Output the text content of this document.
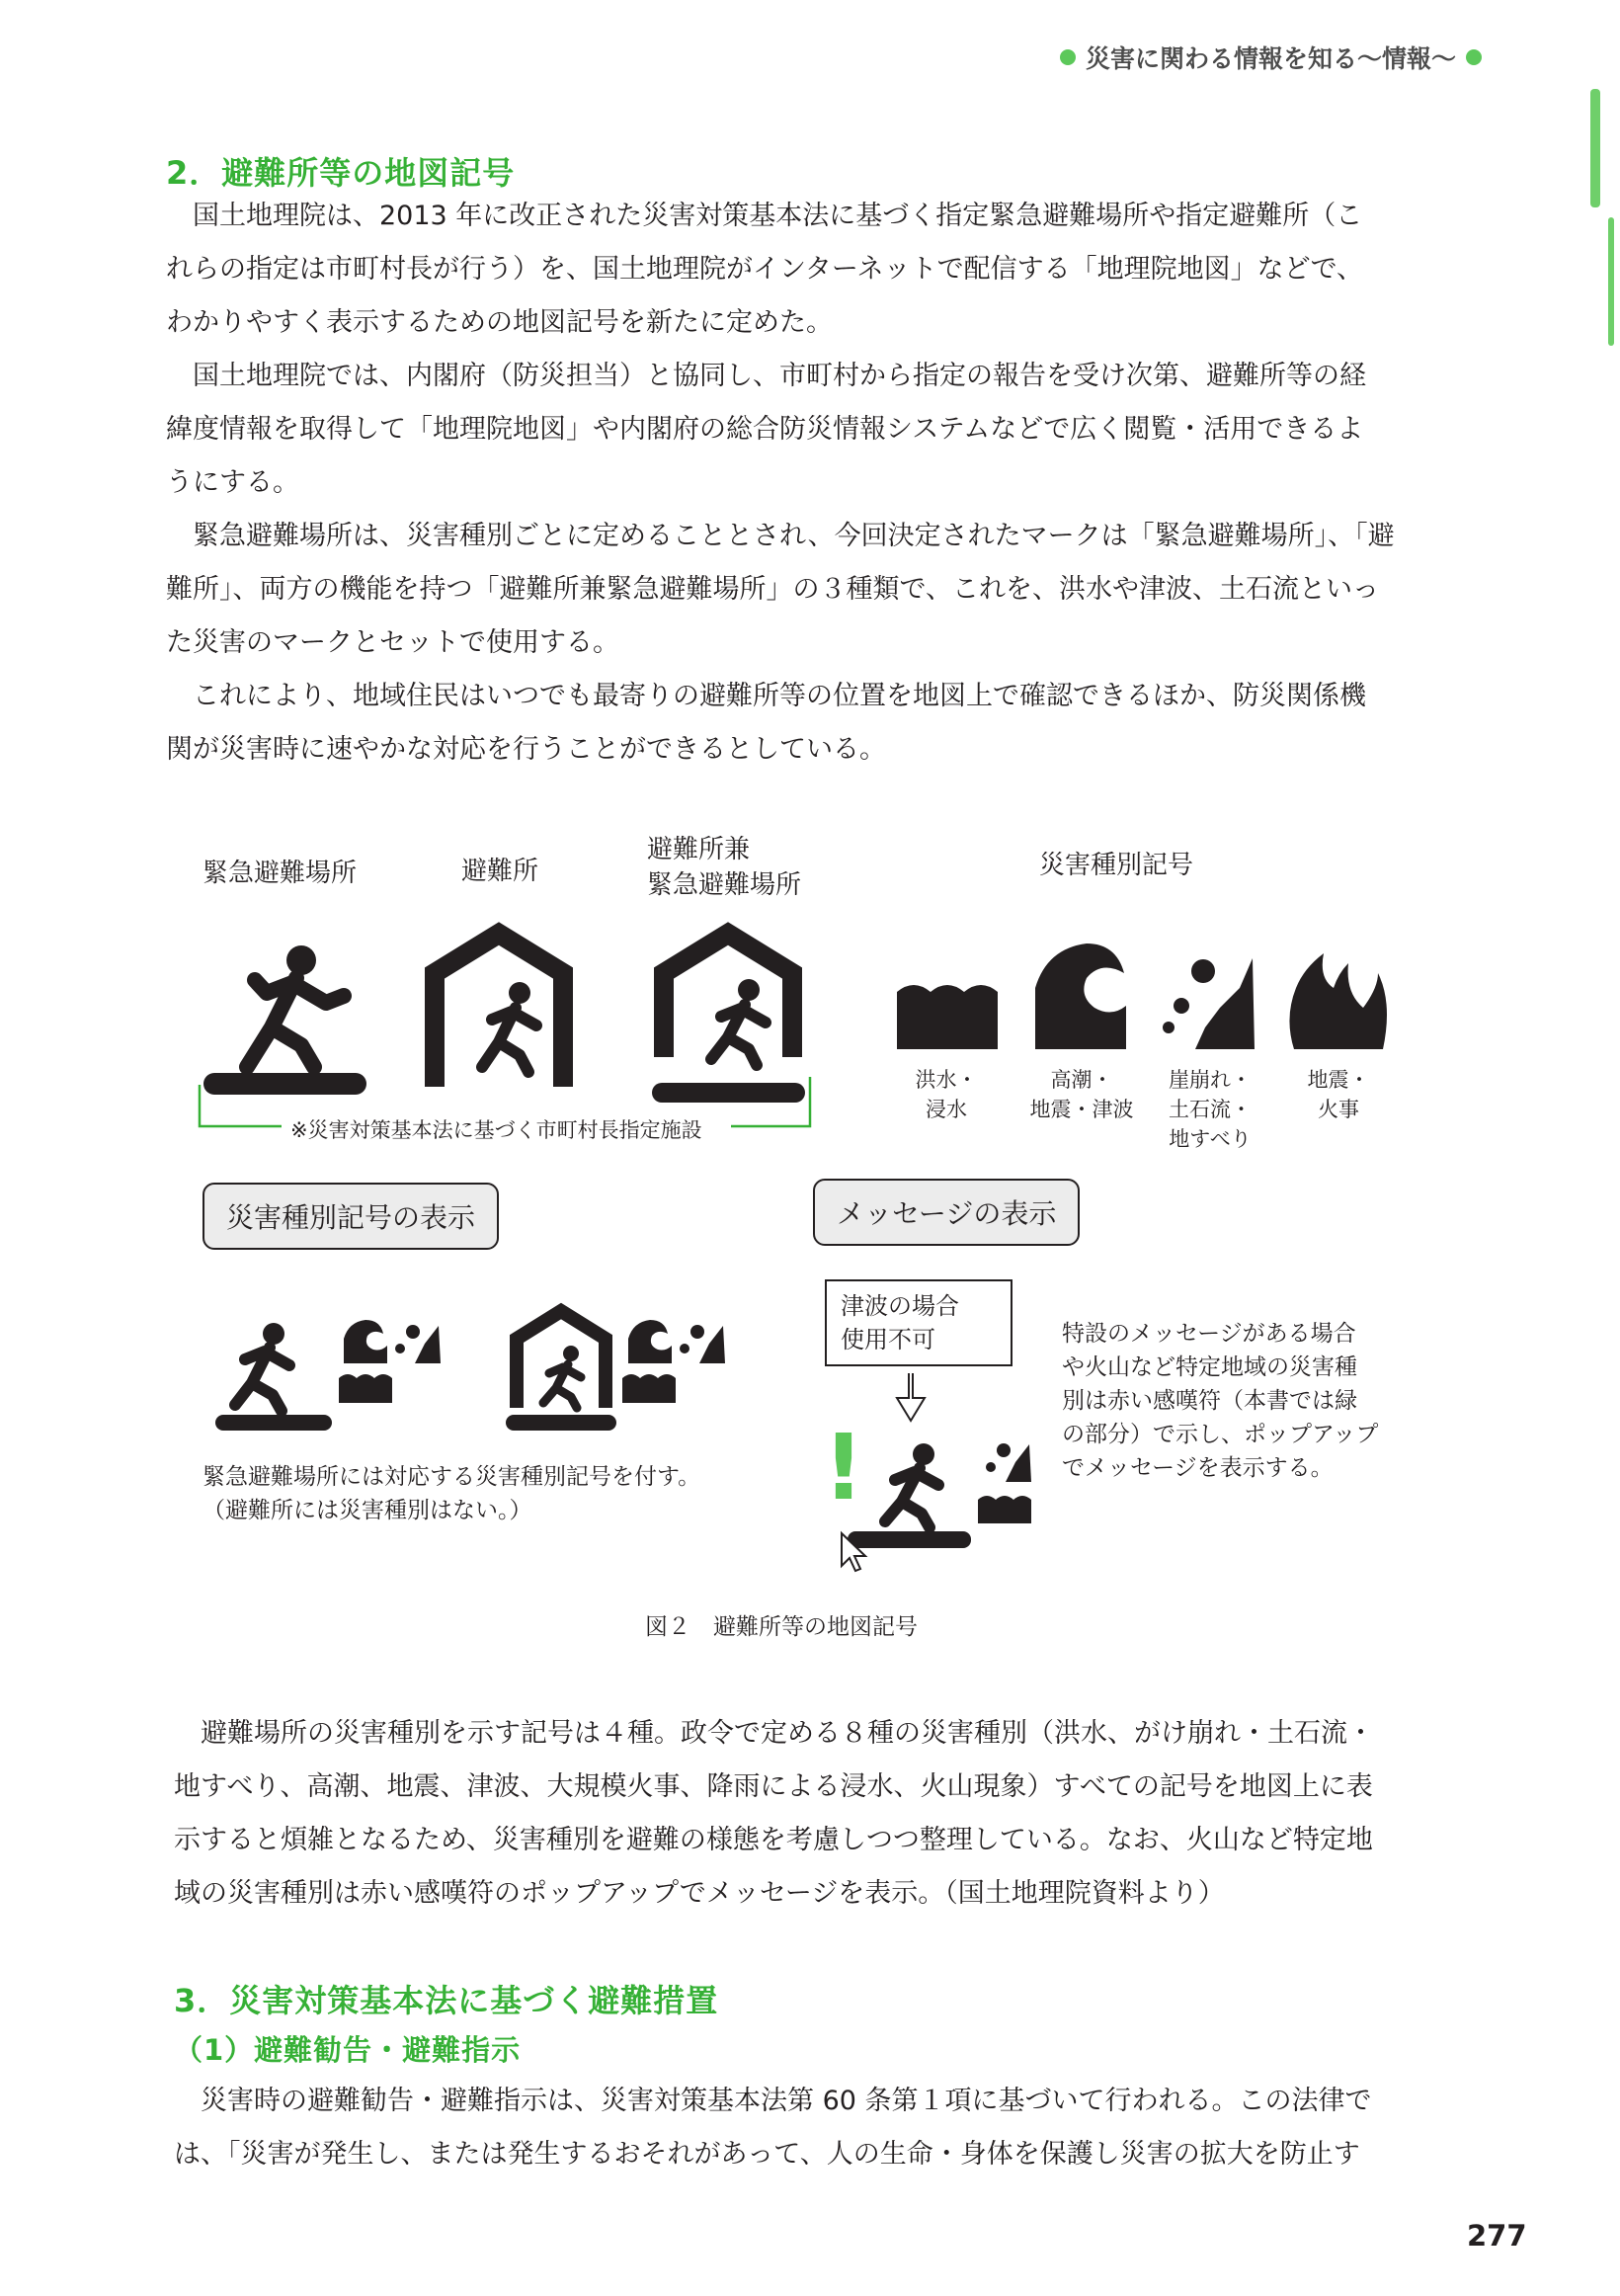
災害に関わる情報を知る〜情報〜
2．避難所等の地図記号
国土地理院は、2013 年に改正された災害対策基本法に基づく指定緊急避難場所や指定避難所（こ
れらの指定は市町村長が行う）を、国土地理院がインターネットで配信する「地理院地図」などで、
わかりやすく表示するための地図記号を新たに定めた。
国土地理院では、内閣府（防災担当）と協同し、市町村から指定の報告を受け次第、避難所等の経
緯度情報を取得して「地理院地図」や内閣府の総合防災情報システムなどで広く閲覧・活用できるよ
うにする。
緊急避難場所は、災害種別ごとに定めることとされ、今回決定されたマークは「緊急避難場所」、「避
難所」、両方の機能を持つ「避難所兼緊急避難場所」の３種類で、これを、洪水や津波、土石流といっ
た災害のマークとセットで使用する。
これにより、地域住民はいつでも最寄りの避難所等の位置を地図上で確認できるほか、防災関係機
関が災害時に速やかな対応を行うことができるとしている。
緊急避難場所	避難所
避難所兼
緊急避難場所
災害種別記号
洪水・
浸水
高潮・
地震・津波
崖崩れ・
土石流・
地すべり
地震・
火事
※災害対策基本法に基づく市町村長指定施設
災害種別記号の表示	メッセージの表示
津波の場合
使用不可
!
緊急避難場所には対応する災害種別記号を付す。
（避難所には災害種別はない。）
特設のメッセージがある場合
や火山など特定地域の災害種
別は赤い感嘆符（本書では緑
の部分）で示し、ポップアップ
でメッセージを表示する。
図２　避難所等の地図記号
避難場所の災害種別を示す記号は４種。政令で定める８種の災害種別（洪水、がけ崩れ・土石流・
地すべり、高潮、地震、津波、大規模火事、降雨による浸水、火山現象）すべての記号を地図上に表
示すると煩雑となるため、災害種別を避難の様態を考慮しつつ整理している。なお、火山など特定地
域の災害種別は赤い感嘆符のポップアップでメッセージを表示。（国土地理院資料より）
3．災害対策基本法に基づく避難措置
（1）避難勧告・避難指示
災害時の避難勧告・避難指示は、災害対策基本法第 60 条第１項に基づいて行われる。この法律で
は、「災害が発生し、または発生するおそれがあって、人の生命・身体を保護し災害の拡大を防止す
277
